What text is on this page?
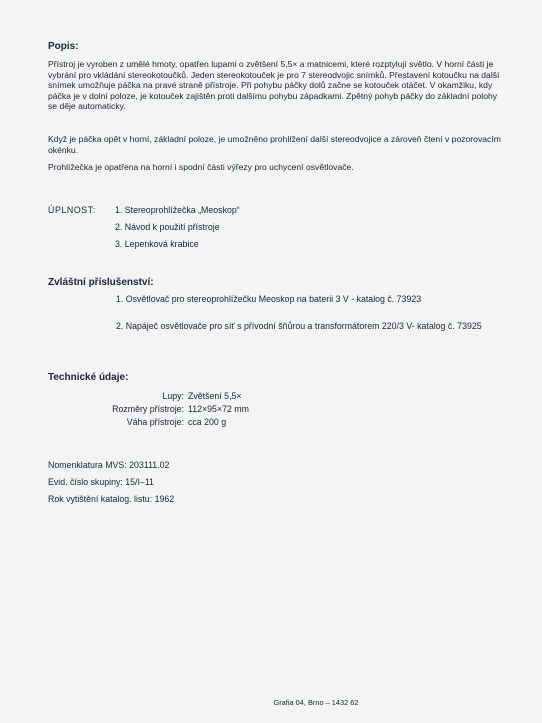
Popis:

Přístroj je vyroben z umělé hmoty, opatřen lupami o zvětšení 5,5× a matnicemi, které rozptylují světlo. V horní části je vybrání pro vkládání stereokotoučků. Jeden stereokotouček je pro 7 stereodvojic snímků. Přestavení kotoučku na další snímek umožňuje páčka na pravé straně přístroje. Při pohybu páčky dolů začne se kotouček otáčet. V okamžiku, kdy páčka je v dolní poloze, je kotouček zajištěn proti dalšímu pohybu západkami. Zpětný pohyb páčky do základní polohy se děje automaticky.

Když je páčka opět v horní, základní poloze, je umožněno prohlížení další stereodvojice a zároveň čtení v pozorovacím okénku.

Prohlížečka je opatřena na horní i spodní části výřezy pro uchycení osvětlovače.

ÚPLNOST: 1. Stereoprohlížečka „Meoskop“
2. Návod k použití přístroje
3. Lepenková krabice

Zvláštní příslušenství:

1. Osvětlovač pro stereoprohlížečku Meoskop na baterii 3 V - katalog č. 73923
2. Napáječ osvětlovače pro síť s přívodní šňůrou a transformátorem 220/3 V- katalog č. 73925

Technické údaje:

Lupy: Zvětšení 5,5×
Rozměry přístroje: 112×95×72 mm
Váha přístroje: cca 200 g
Nomenklatura MVS: 203111.02
Evid. číslo skupiny: 15/I–11
Rok vytištění katalog. listu: 1962
Grafia 04, Brno – 1432 62
